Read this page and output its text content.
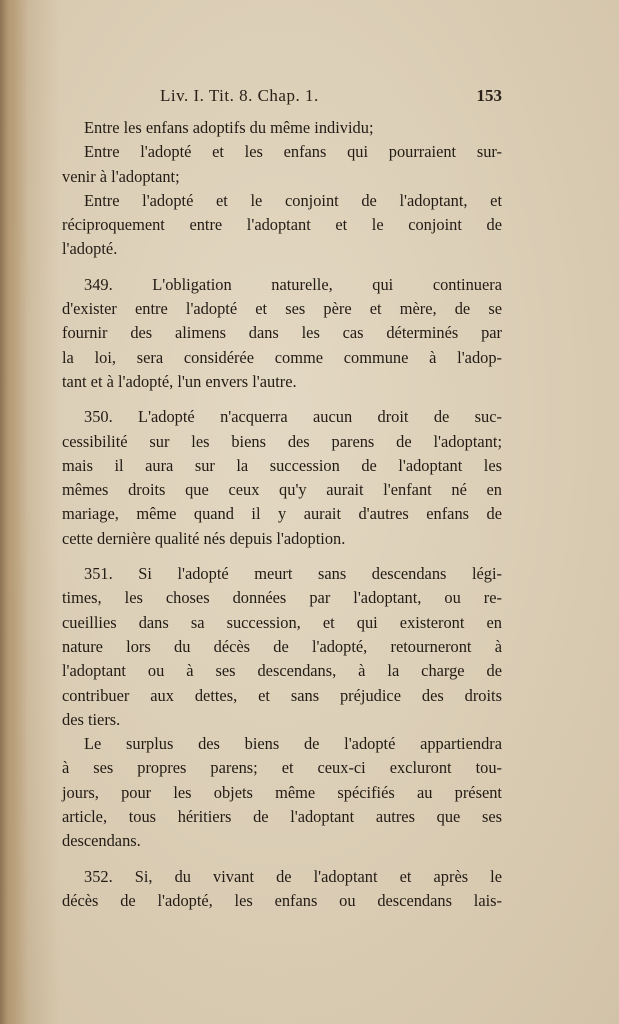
Liv. I. Tit. 8. Chap. 1.	153
Entre les enfans adoptifs du même individu;
Entre l'adopté et les enfans qui pourraient sur-
venir à l'adoptant;
Entre l'adopté et le conjoint de l'adoptant, et
réciproquement entre l'adoptant et le conjoint de
l'adopté.
349. L'obligation naturelle, qui continuera
d'exister entre l'adopté et ses père et mère, de se
fournir des alimens dans les cas déterminés par
la loi, sera considérée comme commune à l'adop-
tant et à l'adopté, l'un envers l'autre.
350. L'adopté n'acquerra aucun droit de suc-
cessibilité sur les biens des parens de l'adoptant;
mais il aura sur la succession de l'adoptant les
mêmes droits que ceux qu'y aurait l'enfant né en
mariage, même quand il y aurait d'autres enfans de
cette dernière qualité nés depuis l'adoption.
351. Si l'adopté meurt sans descendans légi-
times, les choses données par l'adoptant, ou re-
cueillies dans sa succession, et qui existeront en
nature lors du décès de l'adopté, retourneront à
l'adoptant ou à ses descendans, à la charge de
contribuer aux dettes, et sans préjudice des droits
des tiers.
Le surplus des biens de l'adopté appartiendra
à ses propres parens; et ceux-ci excluront tou-
jours, pour les objets même spécifiés au présent
article, tous héritiers de l'adoptant autres que ses
descendans.
352. Si, du vivant de l'adoptant et après le
décès de l'adopté, les enfans ou descendans lais-
